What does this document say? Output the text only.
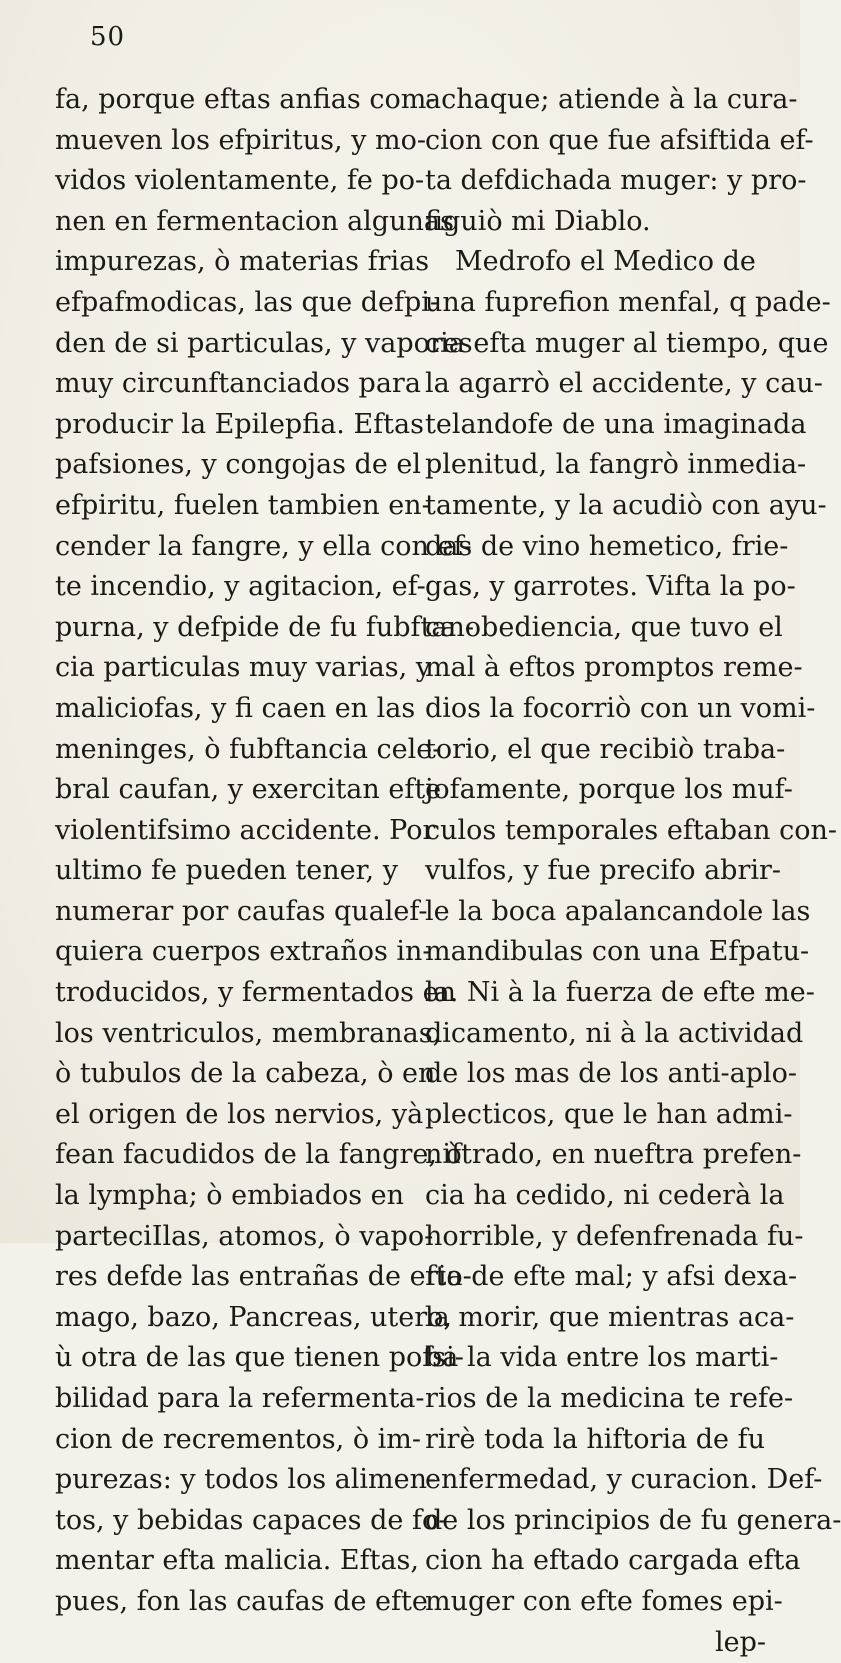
50
fa, porque eftas anfias com-
mueven los efpiritus, y mo-
vidos violentamente, fe po-
nen en fermentacion algunas
impurezas, ò materias frias
efpafmodicas, las que defpi-
den de si particulas, y vapores
muy circunftanciados para
producir la Epilepfia. Eftas
pafsiones, y congojas de el
efpiritu, fuelen tambien en-
cender la fangre, y ella con ef-
te incendio, y agitacion, ef-
purna, y defpide de fu fubftan-
cia particulas muy varias, y
maliciofas, y fi caen en las
meninges, ò fubftancia cele-
bral caufan, y exercitan efte
violentifsimo accidente. Por
ultimo fe pueden tener, y
numerar por caufas qualef-
quiera cuerpos extraños in-
troducidos, y fermentados en
los ventriculos, membranas,
ò tubulos de la cabeza, ò en
el origen de los nervios, yà
fean facudidos de la fangre, ò
la lympha; ò embiados en
parteciIlas, atomos, ò vapo-
res defde las entrañas de efto-
mago, bazo, Pancreas, utero,
ù otra de las que tienen pofsi-
bilidad para la refermenta-
cion de recrementos, ò im-
purezas: y todos los alimen-
tos, y bebidas capaces de fo-
mentar efta malicia. Eftas,
pues, fon las caufas de efte
achaque; atiende à la cura-
cion con que fue afsiftida ef-
ta defdichada muger: y pro-
figuiò mi Diablo.
Medrofo el Medico de
una fuprefion menfal, q pade-
cia efta muger al tiempo, que
la agarrò el accidente, y cau-
telandofe de una imaginada
plenitud, la fangrò inmedia-
tamente, y la acudiò con ayu-
das de vino hemetico, frie-
gas, y garrotes. Vifta la po-
ca obediencia, que tuvo el
mal à eftos promptos reme-
dios la focorriò con un vomi-
torio, el que recibiò traba-
jofamente, porque los muf-
culos temporales eftaban con-
vulfos, y fue precifo abrir-
le la boca apalancandole las
mandibulas con una Efpatu-
la. Ni à la fuerza de efte me-
dicamento, ni à la actividad
de los mas de los anti-aplo-
plecticos, que le han admi-
niftrado, en nueftra prefen-
cia ha cedido, ni cederà la
horrible, y defenfrenada fu-
ria de efte mal; y afsi dexa-
la morir, que mientras aca-
ba la vida entre los marti-
rios de la medicina te refe-
rirè toda la hiftoria de fu
enfermedad, y curacion. Def-
de los principios de fu genera-
cion ha eftado cargada efta
muger con efte fomes epi-
lep-
